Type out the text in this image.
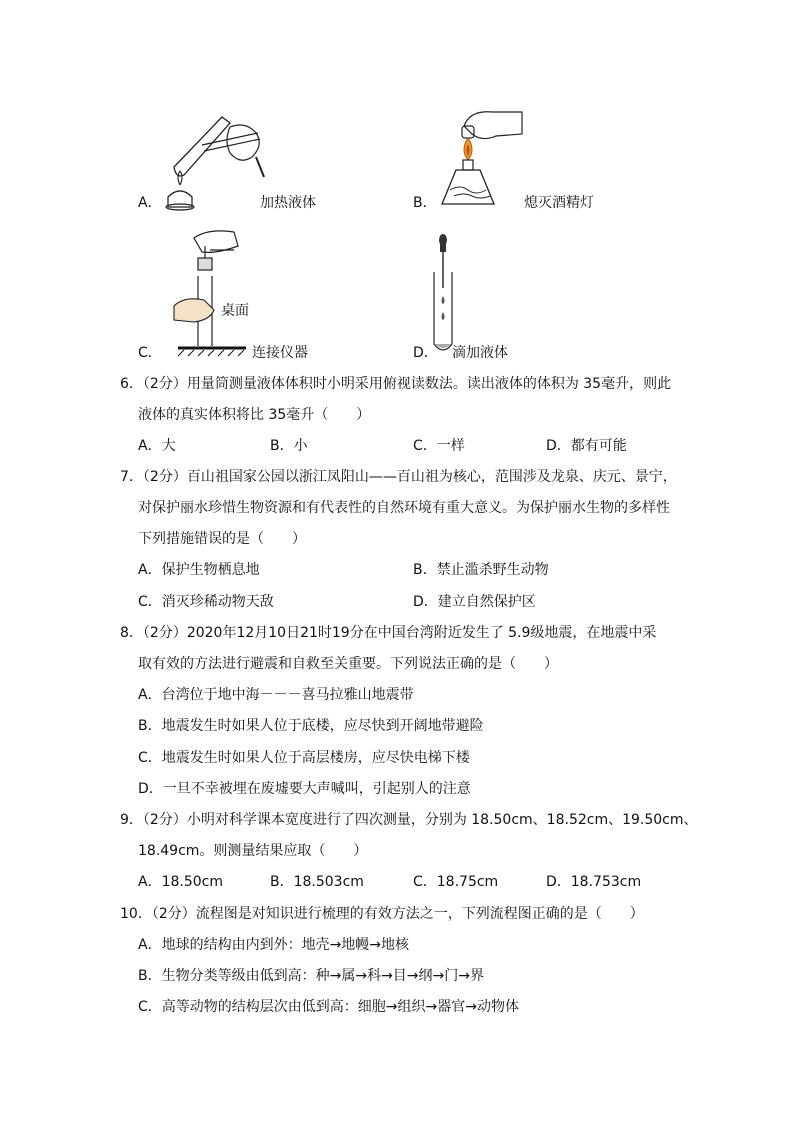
A．	加热液体	B．	熄灭酒精灯
C．
桌面
连接仪器	D． 滴加液体
6．（2分）用量筒测量液体体积时小明采用俯视读数法。读出液体的体积为 35毫升，则此
液体的真实体积将比 35毫升（　　）
A．大	B．小	C．一样	D．都有可能
7．（2分）百山祖国家公园以浙江凤阳山——百山祖为核心，范围涉及龙泉、庆元、景宁，
对保护丽水珍惜生物资源和有代表性的自然环境有重大意义。为保护丽水生物的多样性
下列措施错误的是（　　）
A．保护生物栖息地	B．禁止滥杀野生动物
C．消灭珍稀动物天敌	D．建立自然保护区
8．（2分）2020年12月10日21时19分在中国台湾附近发生了 5.9级地震，在地震中采
取有效的方法进行避震和自救至关重要。下列说法正确的是（　　）
A．台湾位于地中海－－－喜马拉雅山地震带
B．地震发生时如果人位于底楼，应尽快到开阔地带避险
C．地震发生时如果人位于高层楼房，应尽快电梯下楼
D．一旦不幸被埋在废墟要大声喊叫，引起别人的注意
9．（2分）小明对科学课本宽度进行了四次测量，分别为 18.50cm、18.52cm、19.50cm、
18.49cm。则测量结果应取（　　）
A．18.50cm	B．18.503cm	C．18.75cm	D．18.753cm
10．（2分）流程图是对知识进行梳理的有效方法之一，下列流程图正确的是（　　）
A．地球的结构由内到外：地壳→地幔→地核
B．生物分类等级由低到高：种→属→科→目→纲→门→界
C．高等动物的结构层次由低到高：细胞→组织→器官→动物体
